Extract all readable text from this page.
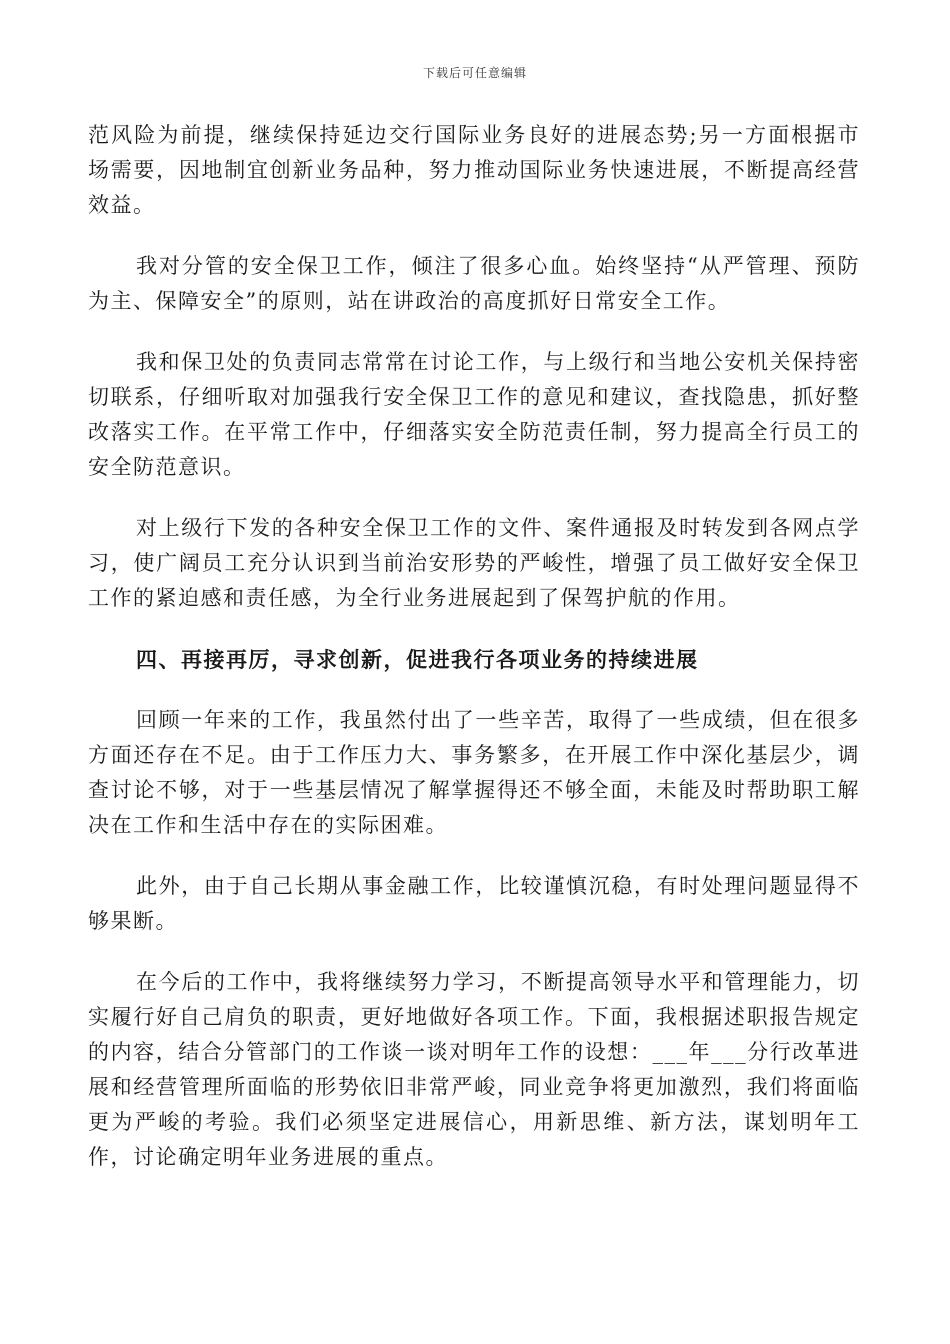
下载后可任意编辑

范风险为前提，继续保持延边交行国际业务良好的进展态势;另一方面根据市场需要，因地制宜创新业务品种，努力推动国际业务快速进展，不断提高经营效益。

我对分管的安全保卫工作，倾注了很多心血。始终坚持“从严管理、预防为主、保障安全”的原则，站在讲政治的高度抓好日常安全工作。

我和保卫处的负责同志常常在讨论工作，与上级行和当地公安机关保持密切联系，仔细听取对加强我行安全保卫工作的意见和建议，查找隐患，抓好整改落实工作。在平常工作中，仔细落实安全防范责任制，努力提高全行员工的安全防范意识。

对上级行下发的各种安全保卫工作的文件、案件通报及时转发到各网点学习，使广阔员工充分认识到当前治安形势的严峻性，增强了员工做好安全保卫工作的紧迫感和责任感，为全行业务进展起到了保驾护航的作用。

四、再接再厉，寻求创新，促进我行各项业务的持续进展

回顾一年来的工作，我虽然付出了一些辛苦，取得了一些成绩，但在很多方面还存在不足。由于工作压力大、事务繁多，在开展工作中深化基层少，调查讨论不够，对于一些基层情况了解掌握得还不够全面，未能及时帮助职工解决在工作和生活中存在的实际困难。

此外，由于自己长期从事金融工作，比较谨慎沉稳，有时处理问题显得不够果断。

在今后的工作中，我将继续努力学习，不断提高领导水平和管理能力，切实履行好自己肩负的职责，更好地做好各项工作。下面，我根据述职报告规定的内容，结合分管部门的工作谈一谈对明年工作的设想：___年___分行改革进展和经营管理所面临的形势依旧非常严峻，同业竞争将更加激烈，我们将面临更为严峻的考验。我们必须坚定进展信心，用新思维、新方法，谋划明年工作，讨论确定明年业务进展的重点。
